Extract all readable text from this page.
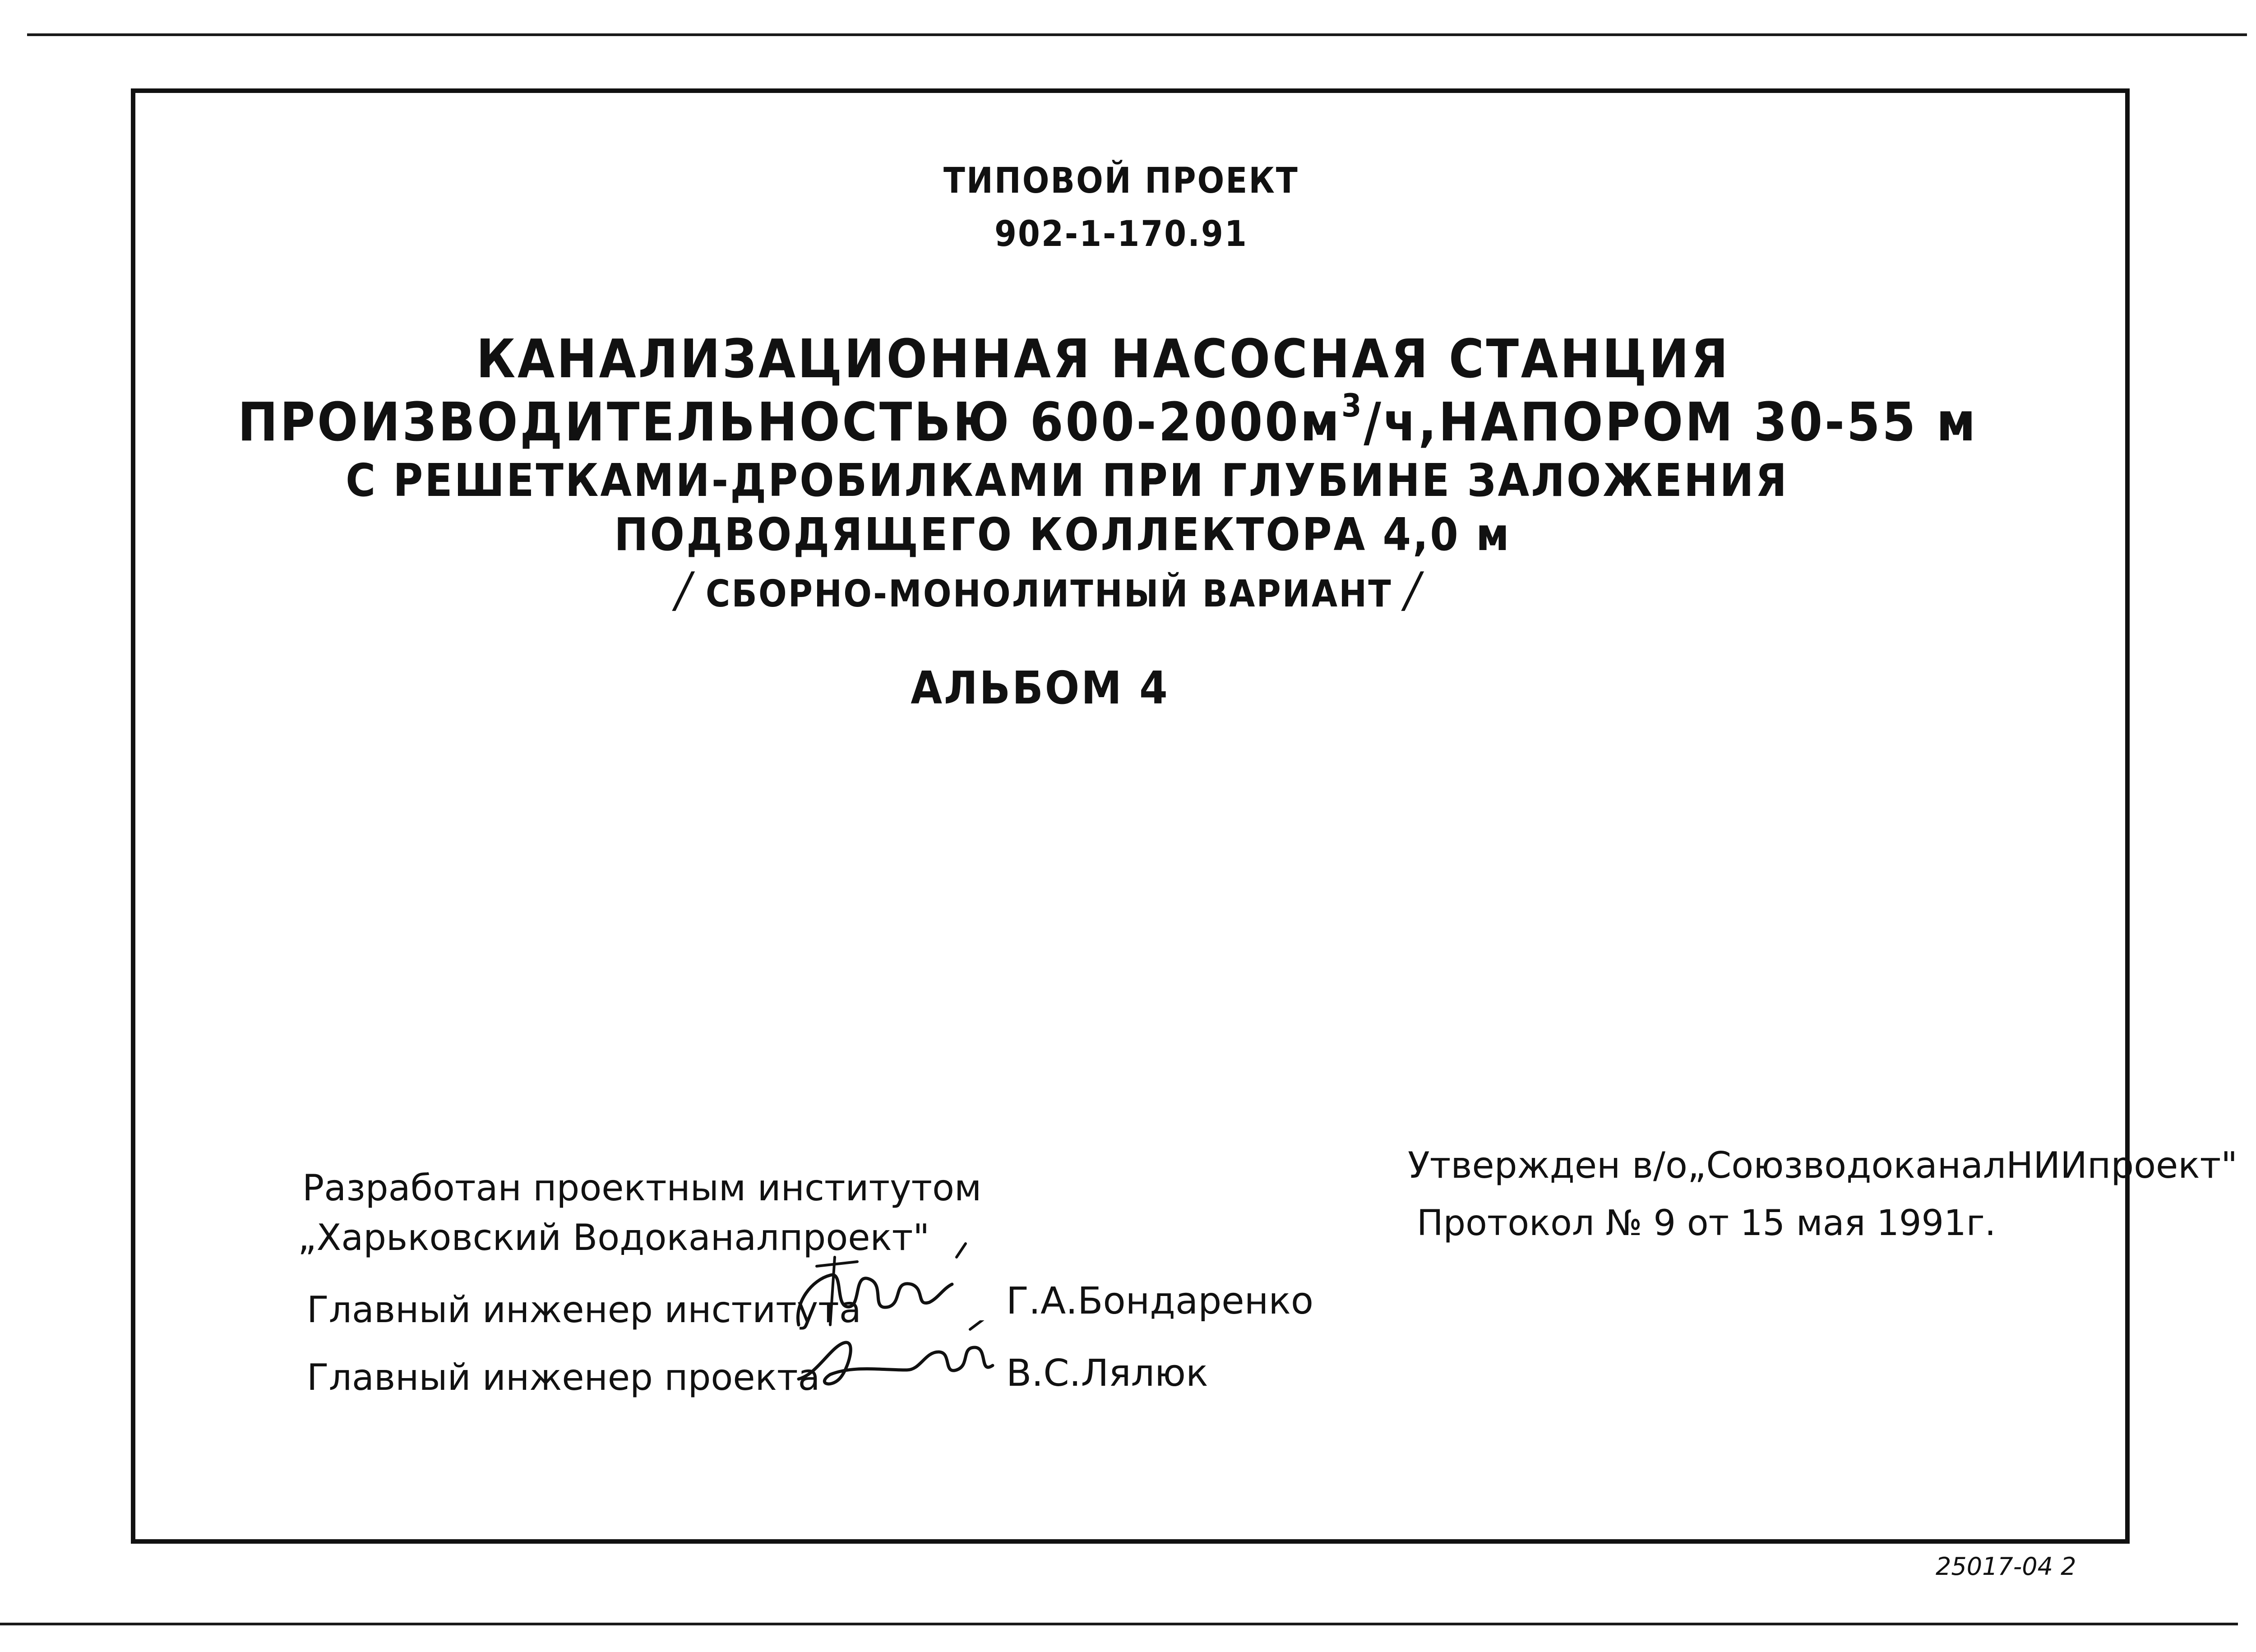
ТИПОВОЙ ПРОЕКТ
902-1-170.91
КАНАЛИЗАЦИОННАЯ НАСОСНАЯ СТАНЦИЯ
ПРОИЗВОДИТЕЛЬНОСТЬЮ $600-2000м^3/ч,НАПОРОМ$ 30-55 м
С РЕШЕТКАМИ-ДРОБИЛКАМИ ПРИ ГЛУБИНЕ ЗАЛОЖЕНИЯ
ПОДВОДЯЩЕГО КОЛЛЕКТОРА 4,0 м
/ СБОРНО-МОНОЛИТНЫЙ ВАРИАНТ /
АЛЬБОМ 4
Разработан проектным институтом
„Харьковский Водоканалпроект"
Утвержден в/о„СоюзводоканалНИИпроект"
Протокол № 9 от 15 мая 1991г.
Главный инженер института	Г.А.Бондаренко
Главный инженер проекта	В.С.Лялюк
25017-04 2
